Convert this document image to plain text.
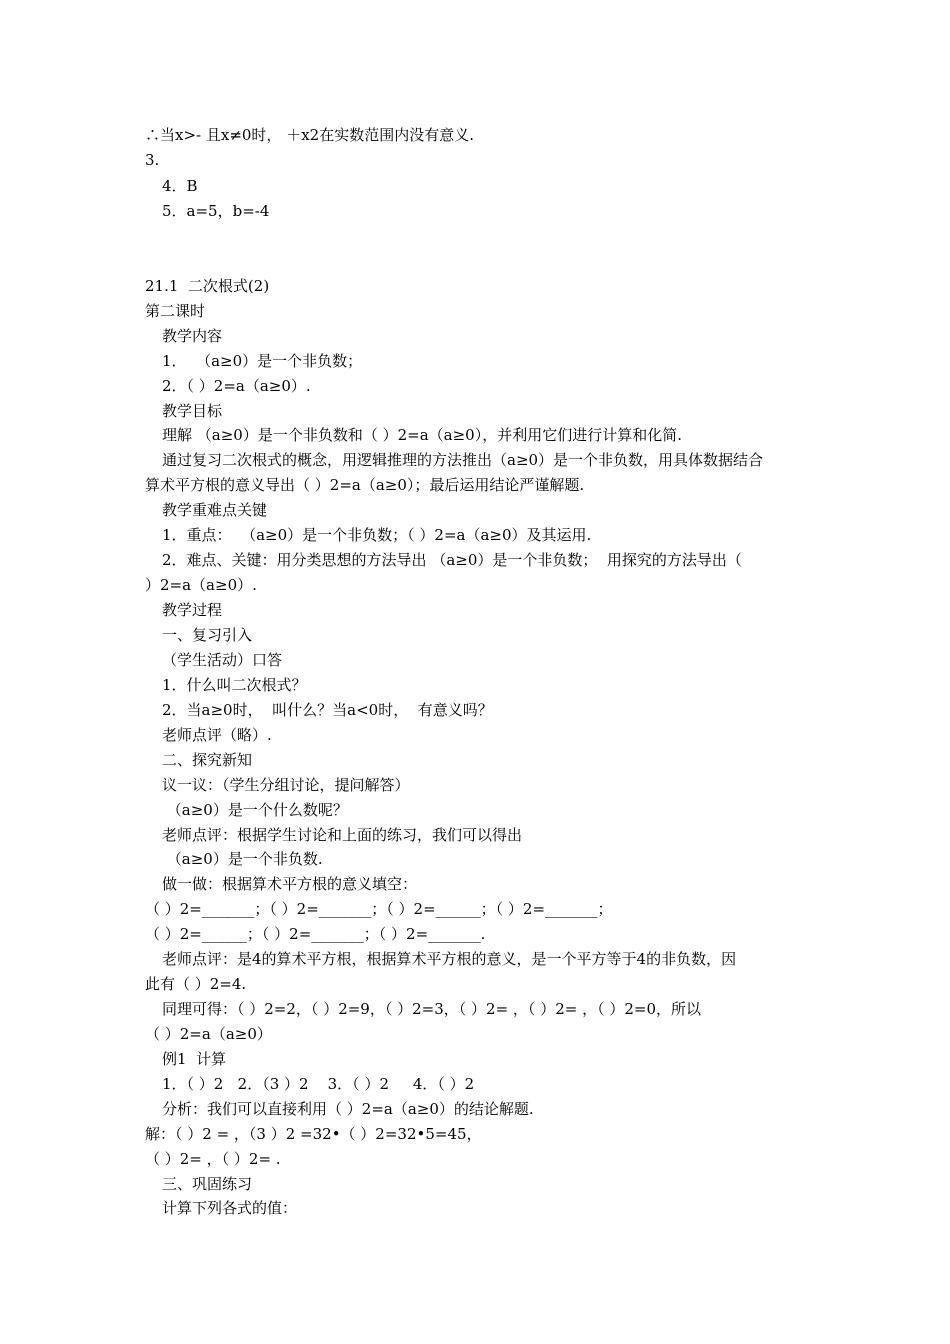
∴当x>- 且x≠0时， ＋x2在实数范围内没有意义.
3.
4．B
5．a=5，b=-4
21.1  二次根式(2)
第二课时
教学内容
1．  （a≥0）是一个非负数；
2．（ ）2=a（a≥0）.
教学目标
理解 （a≥0）是一个非负数和（ ）2=a（a≥0），并利用它们进行计算和化简.
通过复习二次根式的概念，用逻辑推理的方法推出（a≥0）是一个非负数，用具体数据结合
算术平方根的意义导出（ ）2=a（a≥0）；最后运用结论严谨解题.
教学重难点关键
1．重点：  （a≥0）是一个非负数；（ ）2=a（a≥0）及其运用.
2．难点、关键：用分类思想的方法导出 （a≥0）是一个非负数；  用探究的方法导出（
）2=a（a≥0）.
教学过程
一、复习引入
（学生活动）口答
1．什么叫二次根式？
2．当a≥0时，  叫什么？当a<0时，  有意义吗？
老师点评（略）.
二、探究新知
议一议：（学生分组讨论，提问解答）
（a≥0）是一个什么数呢？
老师点评：根据学生讨论和上面的练习，我们可以得出
（a≥0）是一个非负数.
做一做：根据算术平方根的意义填空：
（ ）2=_______；（ ）2=_______；（ ）2=______；（ ）2=_______；
（ ）2=______；（ ）2=_______；（ ）2=_______.
老师点评：是4的算术平方根，根据算术平方根的意义，是一个平方等于4的非负数，因
此有（ ）2=4.
同理可得：（ ）2=2，（ ）2=9，（ ）2=3，（ ）2= ，（ ）2= ，（ ）2=0，所以
（ ）2=a（a≥0）
例1  计算
1．（ ）2   2．（3 ）2    3．（ ）2     4．（ ）2
分析：我们可以直接利用（ ）2=a（a≥0）的结论解题.
解：（ ）2 = ，（3 ）2 =32•（ ）2=32•5=45，
（ ）2= ，（ ）2= .
三、巩固练习
计算下列各式的值：
